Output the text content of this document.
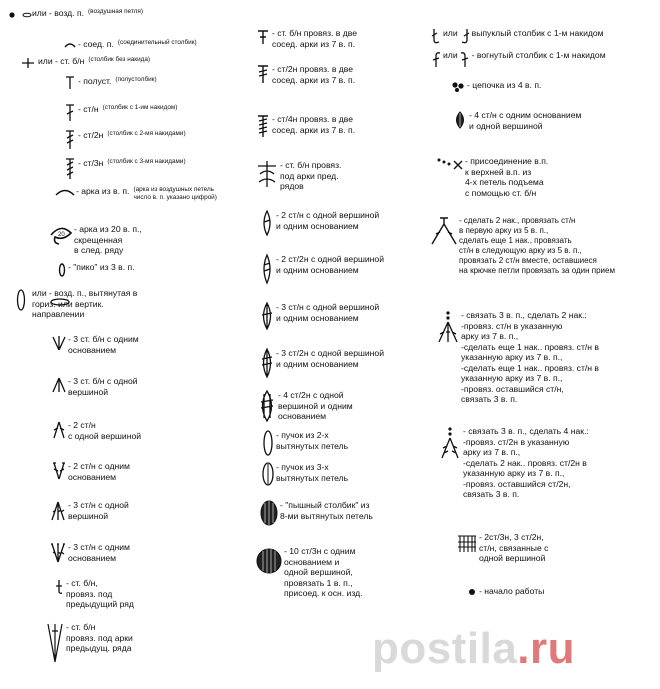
или - возд. п. (воздушная петля)
- соед. п. (соединительный столбик)
или - ст. б/н (столбик без накида)
- полуст. (полустолбик)
- ст/н (столбик с 1-им накидом)
- ст/2н (столбик с 2-мя накидами)
- ст/3н (столбик с 3-мя накидами)
- арка из в. п. (арка из воздушных петель
число в. п. указано цифрой)
20
- арка из 20 в. п.,
скрещенная
в след. ряду
- "пико" из 3 в. п.
или - возд. п., вытянутая в
гориз. или вертик.
направлении
- 3 ст. б/н с одним
основанием
- 3 ст. б/н с одной
вершиной
- 2 ст/н
с одной вершиной
- 2 ст/н с одним
основанием
- 3 ст/н с одной
вершиной
- 3 ст/н с одним
основанием
- ст. б/н,
провяз. под
предыдущий ряд
- ст. б/н
провяз. под арки
предыдущ. ряда
- ст. б/н провяз. в две
сосед. арки из 7 в. п.
- ст/2н провяз. в две
сосед. арки из 7 в. п.
- ст/4н провяз. в две
сосед. арки из 7 в. п.
- ст. б/н провяз.
под арки пред.
рядов
- 2 ст/н с одной вершиной
и одним основанием
- 2 ст/2н с одной вершиной
и одним основанием
- 3 ст/н с одной вершиной
и одним основанием
- 3 ст/2н с одной вершиной
и одним основанием
- 4 ст/2н с одной
вершиной и одним
основанием
- пучок из 2-х
вытянутых петель
- пучок из 3-х
вытянутых петель
- "пышный столбик" из
8-ми вытянутых петель
- 10 ст/3н с одним
основанием и
одной вершиной,
провязать 1 в. п.,
присоед. к осн. изд.
или выпуклый столбик с 1-м накидом
или - вогнутый столбик с 1-м накидом
- цепочка из 4 в. п.
- 4 ст/н с одним основанием
и одной вершиной
- присоединение в.п.
к верхней в.п. из
4-х петель подъема
с помощью ст. б/н
- сделать 2 нак., провязать ст/н
в первую арку из 5 в. п.,
сделать еще 1 нак., провязать
ст/н в следующую арку из 5 в. п.,
провязать 2 ст/н вместе, оставшиеся
на крючке петли провязать за один прием
- связать 3 в. п., сделать 2 нак.:
-провяз. ст/н в указанную
арку из 7 в. п.,
-сделать еще 1 нак.. провяз. ст/н в
указанную арку из 7 в. п.,
-сделать еще 1 нак.. провяз. ст/н в
указанную арку из 7 в. п.,
-провяз. оставшийся ст/н,
связать 3 в. п.
- связать 3 в. п., сделать 4 нак.:
-провяз. ст/2н в указанную
арку из 7 в. п.,
-сделать 2 нак.. провяз. ст/2н в
указанную арку из 7 в. п.,
-провяз. оставшийся ст/2н,
связать 3 в. п.
- 2ст/3н, 3 ст/2н,
ст/н, связанные с
одной вершиной
- начало работы
postila.ru
